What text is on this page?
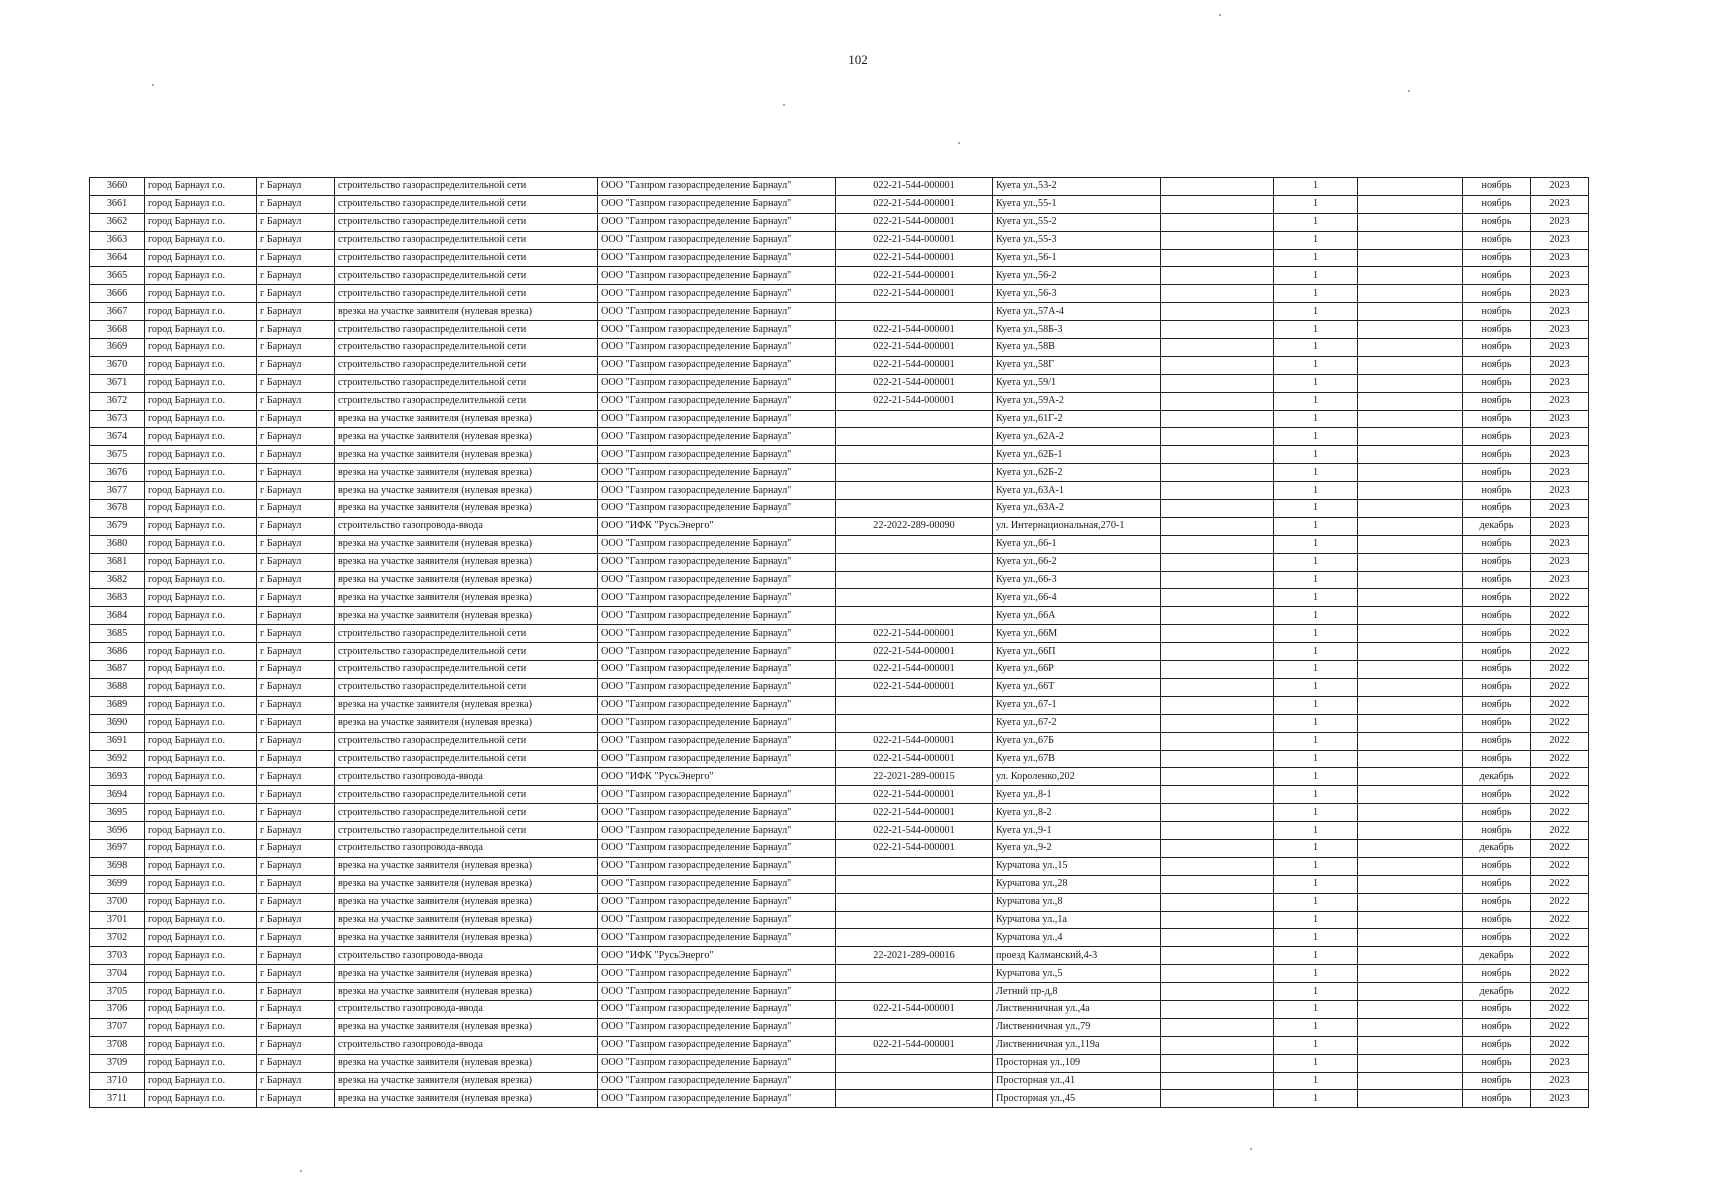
102
3660	город Барнаул г.о.	г Барнаул	строительство газораспределительной сети	ООО "Газпром газораспределение Барнаул"	022-21-544-000001	Куета ул.,53-2		1		ноябрь	2023
3661	город Барнаул г.о.	г Барнаул	строительство газораспределительной сети	ООО "Газпром газораспределение Барнаул"	022-21-544-000001	Куета ул.,55-1		1		ноябрь	2023
3662	город Барнаул г.о.	г Барнаул	строительство газораспределительной сети	ООО "Газпром газораспределение Барнаул"	022-21-544-000001	Куета ул.,55-2		1		ноябрь	2023
3663	город Барнаул г.о.	г Барнаул	строительство газораспределительной сети	ООО "Газпром газораспределение Барнаул"	022-21-544-000001	Куета ул.,55-3		1		ноябрь	2023
3664	город Барнаул г.о.	г Барнаул	строительство газораспределительной сети	ООО "Газпром газораспределение Барнаул"	022-21-544-000001	Куета ул.,56-1		1		ноябрь	2023
3665	город Барнаул г.о.	г Барнаул	строительство газораспределительной сети	ООО "Газпром газораспределение Барнаул"	022-21-544-000001	Куета ул.,56-2		1		ноябрь	2023
3666	город Барнаул г.о.	г Барнаул	строительство газораспределительной сети	ООО "Газпром газораспределение Барнаул"	022-21-544-000001	Куета ул.,56-3		1		ноябрь	2023
3667	город Барнаул г.о.	г Барнаул	врезка на участке заявителя (нулевая врезка)	ООО "Газпром газораспределение Барнаул"		Куета ул.,57А-4		1		ноябрь	2023
3668	город Барнаул г.о.	г Барнаул	строительство газораспределительной сети	ООО "Газпром газораспределение Барнаул"	022-21-544-000001	Куета ул.,58Б-3		1		ноябрь	2023
3669	город Барнаул г.о.	г Барнаул	строительство газораспределительной сети	ООО "Газпром газораспределение Барнаул"	022-21-544-000001	Куета ул.,58В		1		ноябрь	2023
3670	город Барнаул г.о.	г Барнаул	строительство газораспределительной сети	ООО "Газпром газораспределение Барнаул"	022-21-544-000001	Куета ул.,58Г		1		ноябрь	2023
3671	город Барнаул г.о.	г Барнаул	строительство газораспределительной сети	ООО "Газпром газораспределение Барнаул"	022-21-544-000001	Куета ул.,59/1		1		ноябрь	2023
3672	город Барнаул г.о.	г Барнаул	строительство газораспределительной сети	ООО "Газпром газораспределение Барнаул"	022-21-544-000001	Куета ул.,59А-2		1		ноябрь	2023
3673	город Барнаул г.о.	г Барнаул	врезка на участке заявителя (нулевая врезка)	ООО "Газпром газораспределение Барнаул"		Куета ул.,61Г-2		1		ноябрь	2023
3674	город Барнаул г.о.	г Барнаул	врезка на участке заявителя (нулевая врезка)	ООО "Газпром газораспределение Барнаул"		Куета ул.,62А-2		1		ноябрь	2023
3675	город Барнаул г.о.	г Барнаул	врезка на участке заявителя (нулевая врезка)	ООО "Газпром газораспределение Барнаул"		Куета ул.,62Б-1		1		ноябрь	2023
3676	город Барнаул г.о.	г Барнаул	врезка на участке заявителя (нулевая врезка)	ООО "Газпром газораспределение Барнаул"		Куета ул.,62Б-2		1		ноябрь	2023
3677	город Барнаул г.о.	г Барнаул	врезка на участке заявителя (нулевая врезка)	ООО "Газпром газораспределение Барнаул"		Куета ул.,63А-1		1		ноябрь	2023
3678	город Барнаул г.о.	г Барнаул	врезка на участке заявителя (нулевая врезка)	ООО "Газпром газораспределение Барнаул"		Куета ул.,63А-2		1		ноябрь	2023
3679	город Барнаул г.о.	г Барнаул	строительство газопровода-ввода	ООО "ИФК "РусьЭнерго"	22-2022-289-00090	ул. Интернациональная,270-1		1		декабрь	2023
3680	город Барнаул г.о.	г Барнаул	врезка на участке заявителя (нулевая врезка)	ООО "Газпром газораспределение Барнаул"		Куета ул.,66-1		1		ноябрь	2023
3681	город Барнаул г.о.	г Барнаул	врезка на участке заявителя (нулевая врезка)	ООО "Газпром газораспределение Барнаул"		Куета ул.,66-2		1		ноябрь	2023
3682	город Барнаул г.о.	г Барнаул	врезка на участке заявителя (нулевая врезка)	ООО "Газпром газораспределение Барнаул"		Куета ул.,66-3		1		ноябрь	2023
3683	город Барнаул г.о.	г Барнаул	врезка на участке заявителя (нулевая врезка)	ООО "Газпром газораспределение Барнаул"		Куета ул.,66-4		1		ноябрь	2022
3684	город Барнаул г.о.	г Барнаул	врезка на участке заявителя (нулевая врезка)	ООО "Газпром газораспределение Барнаул"		Куета ул.,66А		1		ноябрь	2022
3685	город Барнаул г.о.	г Барнаул	строительство газораспределительной сети	ООО "Газпром газораспределение Барнаул"	022-21-544-000001	Куета ул.,66М		1		ноябрь	2022
3686	город Барнаул г.о.	г Барнаул	строительство газораспределительной сети	ООО "Газпром газораспределение Барнаул"	022-21-544-000001	Куета ул.,66П		1		ноябрь	2022
3687	город Барнаул г.о.	г Барнаул	строительство газораспределительной сети	ООО "Газпром газораспределение Барнаул"	022-21-544-000001	Куета ул.,66Р		1		ноябрь	2022
3688	город Барнаул г.о.	г Барнаул	строительство газораспределительной сети	ООО "Газпром газораспределение Барнаул"	022-21-544-000001	Куета ул.,66Т		1		ноябрь	2022
3689	город Барнаул г.о.	г Барнаул	врезка на участке заявителя (нулевая врезка)	ООО "Газпром газораспределение Барнаул"		Куета ул.,67-1		1		ноябрь	2022
3690	город Барнаул г.о.	г Барнаул	врезка на участке заявителя (нулевая врезка)	ООО "Газпром газораспределение Барнаул"		Куета ул.,67-2		1		ноябрь	2022
3691	город Барнаул г.о.	г Барнаул	строительство газораспределительной сети	ООО "Газпром газораспределение Барнаул"	022-21-544-000001	Куета ул.,67Б		1		ноябрь	2022
3692	город Барнаул г.о.	г Барнаул	строительство газораспределительной сети	ООО "Газпром газораспределение Барнаул"	022-21-544-000001	Куета ул.,67В		1		ноябрь	2022
3693	город Барнаул г.о.	г Барнаул	строительство газопровода-ввода	ООО "ИФК "РусьЭнерго"	22-2021-289-00015	ул. Короленко,202		1		декабрь	2022
3694	город Барнаул г.о.	г Барнаул	строительство газораспределительной сети	ООО "Газпром газораспределение Барнаул"	022-21-544-000001	Куета ул.,8-1		1		ноябрь	2022
3695	город Барнаул г.о.	г Барнаул	строительство газораспределительной сети	ООО "Газпром газораспределение Барнаул"	022-21-544-000001	Куета ул.,8-2		1		ноябрь	2022
3696	город Барнаул г.о.	г Барнаул	строительство газораспределительной сети	ООО "Газпром газораспределение Барнаул"	022-21-544-000001	Куета ул.,9-1		1		ноябрь	2022
3697	город Барнаул г.о.	г Барнаул	строительство газопровода-ввода	ООО "Газпром газораспределение Барнаул"	022-21-544-000001	Куета ул.,9-2		1		декабрь	2022
3698	город Барнаул г.о.	г Барнаул	врезка на участке заявителя (нулевая врезка)	ООО "Газпром газораспределение Барнаул"		Курчатова ул.,15		1		ноябрь	2022
3699	город Барнаул г.о.	г Барнаул	врезка на участке заявителя (нулевая врезка)	ООО "Газпром газораспределение Барнаул"		Курчатова ул.,28		1		ноябрь	2022
3700	город Барнаул г.о.	г Барнаул	врезка на участке заявителя (нулевая врезка)	ООО "Газпром газораспределение Барнаул"		Курчатова ул.,8		1		ноябрь	2022
3701	город Барнаул г.о.	г Барнаул	врезка на участке заявителя (нулевая врезка)	ООО "Газпром газораспределение Барнаул"		Курчатова ул.,1а		1		ноябрь	2022
3702	город Барнаул г.о.	г Барнаул	врезка на участке заявителя (нулевая врезка)	ООО "Газпром газораспределение Барнаул"		Курчатова ул.,4		1		ноябрь	2022
3703	город Барнаул г.о.	г Барнаул	строительство газопровода-ввода	ООО "ИФК "РусьЭнерго"	22-2021-289-00016	проезд Калманский,4-3		1		декабрь	2022
3704	город Барнаул г.о.	г Барнаул	врезка на участке заявителя (нулевая врезка)	ООО "Газпром газораспределение Барнаул"		Курчатова ул.,5		1		ноябрь	2022
3705	город Барнаул г.о.	г Барнаул	врезка на участке заявителя (нулевая врезка)	ООО "Газпром газораспределение Барнаул"		Летний пр-д,8		1		декабрь	2022
3706	город Барнаул г.о.	г Барнаул	строительство газопровода-ввода	ООО "Газпром газораспределение Барнаул"	022-21-544-000001	Лиственничная ул.,4а		1		ноябрь	2022
3707	город Барнаул г.о.	г Барнаул	врезка на участке заявителя (нулевая врезка)	ООО "Газпром газораспределение Барнаул"		Лиственничная ул.,79		1		ноябрь	2022
3708	город Барнаул г.о.	г Барнаул	строительство газопровода-ввода	ООО "Газпром газораспределение Барнаул"	022-21-544-000001	Лиственничная ул.,119а		1		ноябрь	2022
3709	город Барнаул г.о.	г Барнаул	врезка на участке заявителя (нулевая врезка)	ООО "Газпром газораспределение Барнаул"		Просторная ул.,109		1		ноябрь	2023
3710	город Барнаул г.о.	г Барнаул	врезка на участке заявителя (нулевая врезка)	ООО "Газпром газораспределение Барнаул"		Просторная ул.,41		1		ноябрь	2023
3711	город Барнаул г.о.	г Барнаул	врезка на участке заявителя (нулевая врезка)	ООО "Газпром газораспределение Барнаул"		Просторная ул.,45		1		ноябрь	2023
